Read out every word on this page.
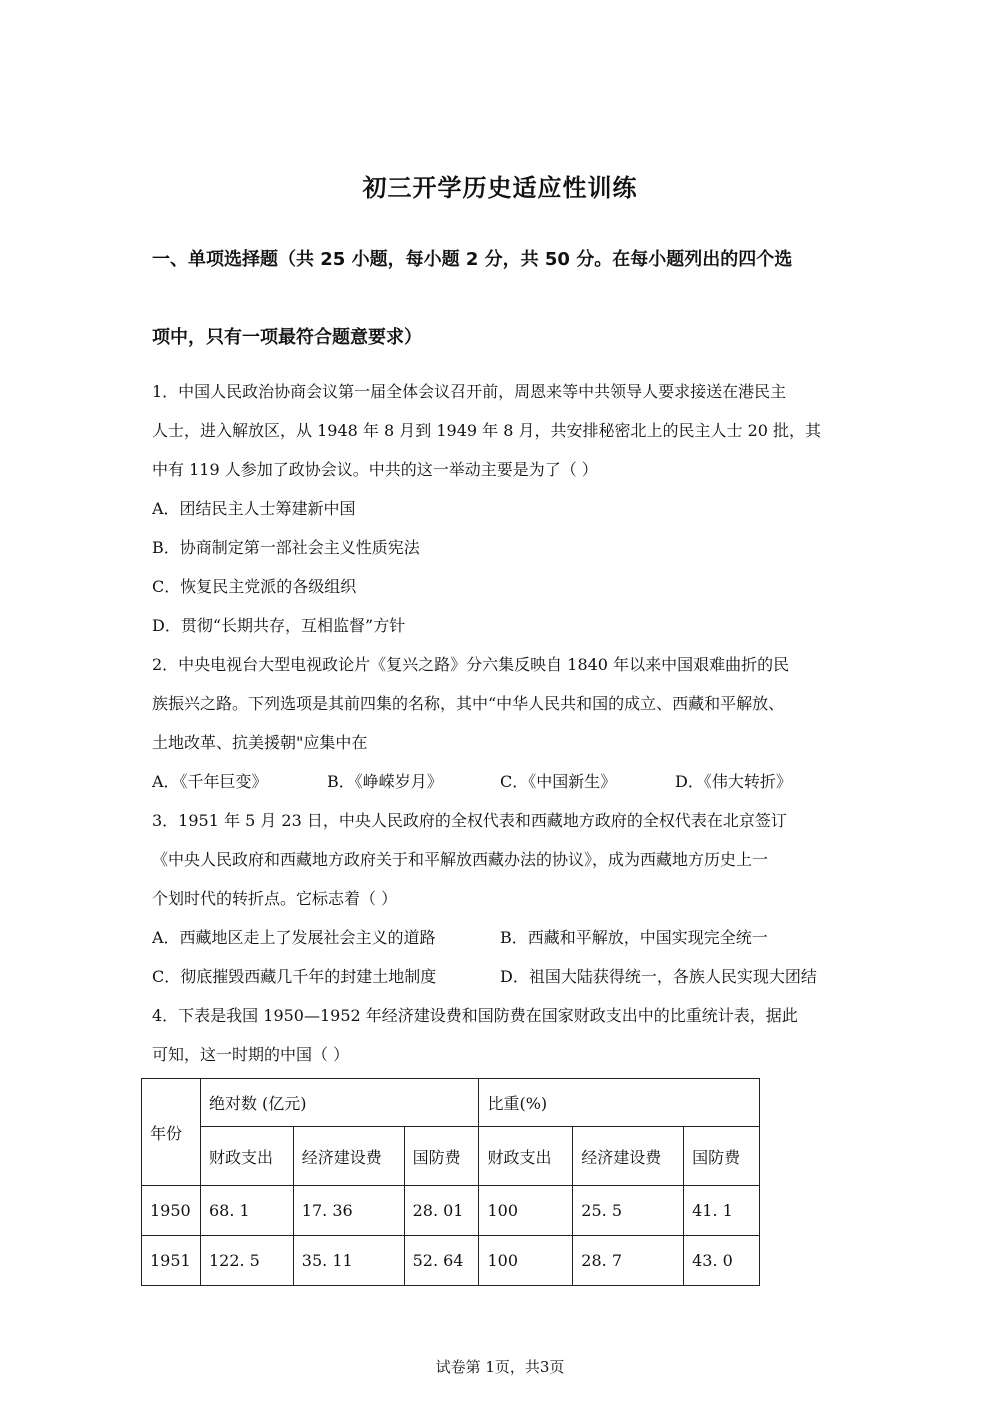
初三开学历史适应性训练
一、单项选择题（共 25 小题，每小题 2 分，共 50 分。在每小题列出的四个选
项中，只有一项最符合题意要求）
1．中国人民政治协商会议第一届全体会议召开前，周恩来等中共领导人要求接送在港民主
人士，进入解放区，从 1948 年 8 月到 1949 年 8 月，共安排秘密北上的民主人士 20 批，其
中有 119 人参加了政协会议。中共的这一举动主要是为了（ ）
A．团结民主人士筹建新中国
B．协商制定第一部社会主义性质宪法
C．恢复民主党派的各级组织
D．贯彻“长期共存，互相监督”方针
2．中央电视台大型电视政论片《复兴之路》分六集反映自 1840 年以来中国艰难曲折的民
族振兴之路。下列选项是其前四集的名称，其中“中华人民共和国的成立、西藏和平解放、
土地改革、抗美援朝"应集中在
A．《千年巨变》	B．《峥嵘岁月》	C．《中国新生》	D．《伟大转折》
3．1951 年 5 月 23 日，中央人民政府的全权代表和西藏地方政府的全权代表在北京签订
《中央人民政府和西藏地方政府关于和平解放西藏办法的协议》，成为西藏地方历史上一
个划时代的转折点。它标志着（ ）
A．西藏地区走上了发展社会主义的道路	B．西藏和平解放，中国实现完全统一
C．彻底摧毁西藏几千年的封建土地制度	D．祖国大陆获得统一，各族人民实现大团结
4．下表是我国 1950—1952 年经济建设费和国防费在国家财政支出中的比重统计表，据此
可知，这一时期的中国（ ）
年份	绝对数 (亿元)			比重(%)		
	财政支出	经济建设费	国防费	财政支出	经济建设费	国防费
1950	68. 1	17. 36	28. 01	100	25. 5	41. 1
1951	122. 5	35. 11	52. 64	100	28. 7	43. 0
试卷第 1页，共3页
